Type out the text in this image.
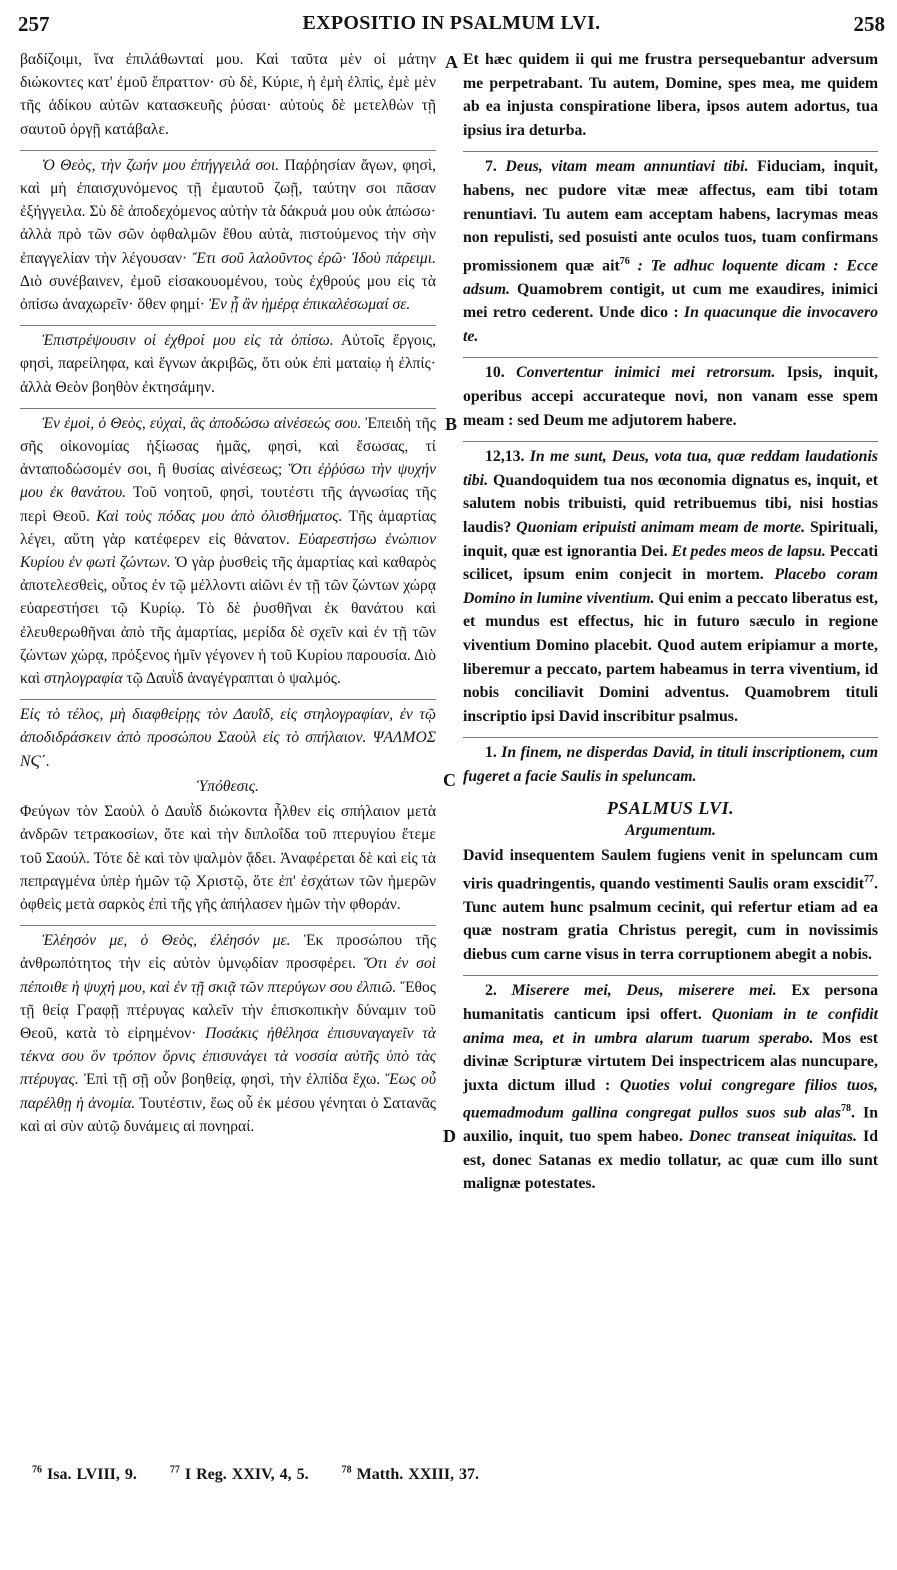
257	EXPOSITIO IN PSALMUM LVI.	258

βαδίζοιμι, ἵνα ἐπιλάθωνταί μου. Καὶ ταῦτα μὲν οἱ μάτην διώκοντες κατ' ἐμοῦ ἔπραττον· σὺ δὲ, Κύριε, ἡ ἐμὴ ἐλπὶς, ἐμὲ μὲν τῆς ἀδίκου αὐτῶν κατασκευῆς ῥύσαι· αὐτοὺς δὲ μετελθὼν τῇ σαυτοῦ ὀργῇ κατάβαλε.

Ὁ Θεὸς, τὴν ζωήν μου ἐπήγγειλά σοι. Παῤῥησίαν ἄγων, φησὶ, καὶ μὴ ἐπαισχυνόμενος τῇ ἐμαυτοῦ ζωῇ, ταύτην σοι πᾶσαν ἐξήγγειλα. Σὺ δὲ ἀποδεχόμενος αὐτὴν τὰ δάκρυά μου οὐκ ἀπώσω· ἀλλὰ πρὸ τῶν σῶν ὀφθαλμῶν ἔθου αὐτὰ, πιστούμενος τὴν σὴν ἐπαγγελίαν τὴν λέγουσαν· Ἔτι σοῦ λαλοῦντος ἐρῶ· Ἰδοὺ πάρειμι. Διὸ συνέβαινεν, ἐμοῦ εἰσακουομένου, τοὺς ἐχθρούς μου εἰς τὰ ὀπίσω ἀναχωρεῖν· ὅθεν φημί· Ἐν ᾗ ἂν ἡμέρᾳ ἐπικαλέσωμαί σε.

Ἐπιστρέψουσιν οἱ ἐχθροί μου εἰς τὰ ὀπίσω. Αὐτοῖς ἔργοις, φησὶ, παρείληφα, καὶ ἔγνων ἀκριβῶς, ὅτι οὐκ ἐπὶ ματαίῳ ἡ ἐλπίς· ἀλλὰ Θεὸν βοηθὸν ἐκτησάμην.

Ἐν ἐμοὶ, ὁ Θεὸς, εὐχαὶ, ἃς ἀποδώσω αἰνέσεώς σου. Ἐπειδὴ τῆς σῆς οἰκονομίας ἠξίωσας ἡμᾶς, φησὶ, καὶ ἔσωσας, τί ἀνταποδώσομέν σοι, ἢ θυσίας αἰνέσεως; Ὅτι ἐῤῥύσω τὴν ψυχήν μου ἐκ θανάτου. Τοῦ νοητοῦ, φησὶ, τουτέστι τῆς ἀγνωσίας τῆς περὶ Θεοῦ. Καὶ τοὺς πόδας μου ἀπὸ ὀλισθήματος. Τῆς ἁμαρτίας λέγει, αὕτη γὰρ κατέφερεν εἰς θάνατον. Εὐαρεστήσω ἐνώπιον Κυρίου ἐν φωτὶ ζώντων. Ὁ γὰρ ῥυσθεὶς τῆς ἁμαρτίας καὶ καθαρὸς ἀποτελεσθεὶς, οὗτος ἐν τῷ μέλλοντι αἰῶνι ἐν τῇ τῶν ζώντων χώρᾳ εὐαρεστήσει τῷ Κυρίῳ. Τὸ δὲ ῥυσθῆναι ἐκ θανάτου καὶ ἐλευθερωθῆναι ἀπὸ τῆς ἁμαρτίας, μερίδα δὲ σχεῖν καὶ ἐν τῇ τῶν ζώντων χώρᾳ, πρόξενος ἡμῖν γέγονεν ἡ τοῦ Κυρίου παρουσία. Διὸ καὶ στηλογραφία τῷ Δαυῒδ ἀναγέγραπται ὁ ψαλμός.

Εἰς τὸ τέλος, μὴ διαφθείρῃς τὸν Δαυῒδ, εἰς στηλογραφίαν, ἐν τῷ ἀποδιδράσκειν ἀπὸ προσώπου Σαοὺλ εἰς τὸ σπήλαιον. ΨΑΛΜΟΣ ΝϚ΄.

Ὑπόθεσις.

Φεύγων τὸν Σαοὺλ ὁ Δαυῒδ διώκοντα ἦλθεν εἰς σπήλαιον μετὰ ἀνδρῶν τετρακοσίων, ὅτε καὶ τὴν διπλοΐδα τοῦ πτερυγίου ἔτεμε τοῦ Σαούλ. Τότε δὲ καὶ τὸν ψαλμὸν ᾄδει. Ἀναφέρεται δὲ καὶ εἰς τὰ πεπραγμένα ὑπὲρ ἡμῶν τῷ Χριστῷ, ὅτε ἐπ' ἐσχάτων τῶν ἡμερῶν ὀφθεὶς μετὰ σαρκὸς ἐπὶ τῆς γῆς ἀπήλασεν ἡμῶν τὴν φθοράν.

Ἐλέησόν με, ὁ Θεὸς, ἐλέησόν με. Ἐκ προσώπου τῆς ἀνθρωπότητος τὴν εἰς αὐτὸν ὑμνῳδίαν προσφέρει. Ὅτι ἐν σοὶ πέποιθε ἡ ψυχή μου, καὶ ἐν τῇ σκιᾷ τῶν πτερύγων σου ἐλπιῶ. Ἔθος τῇ θείᾳ Γραφῇ πτέρυγας καλεῖν τὴν ἐπισκοπικὴν δύναμιν τοῦ Θεοῦ, κατὰ τὸ εἰρημένον· Ποσάκις ἠθέλησα ἐπισυναγαγεῖν τὰ τέκνα σου ὃν τρόπον ὄρνις ἐπισυνάγει τὰ νοσσία αὐτῆς ὑπὸ τὰς πτέρυγας. Ἐπὶ τῇ σῇ οὖν βοηθείᾳ, φησὶ, τὴν ἐλπίδα ἔχω. Ἕως οὗ παρέλθῃ ἡ ἀνομία. Τουτέστιν, ἕως οὗ ἐκ μέσου γένηται ὁ Σατανᾶς καὶ αἱ σὺν αὐτῷ δυνάμεις αἱ πονηραί.

A
B
C
D

Et hæc quidem ii qui me frustra persequebantur adversum me perpetrabant. Tu autem, Domine, spes mea, me quidem ab ea injusta conspiratione libera, ipsos autem adortus, tua ipsius ira deturba.

7. Deus, vitam meam annuntiavi tibi. Fiduciam, inquit, habens, nec pudore vitæ meæ affectus, eam tibi totam renuntiavi. Tu autem eam acceptam habens, lacrymas meas non repulisti, sed posuisti ante oculos tuos, tuam confirmans promissionem quæ ait$^{76}$ : Te adhuc loquente dicam : Ecce adsum. Quamobrem contigit, ut cum me exaudires, inimici mei retro cederent. Unde dico : In quacunque die invocavero te.

10. Convertentur inimici mei retrorsum. Ipsis, inquit, operibus accepi accurateque novi, non vanam esse spem meam : sed Deum me adjutorem habere.

12,13. In me sunt, Deus, vota tua, quæ reddam laudationis tibi. Quandoquidem tua nos œconomia dignatus es, inquit, et salutem nobis tribuisti, quid retribuemus tibi, nisi hostias laudis? Quoniam eripuisti animam meam de morte. Spirituali, inquit, quæ est ignorantia Dei. Et pedes meos de lapsu. Peccati scilicet, ipsum enim conjecit in mortem. Placebo coram Domino in lumine viventium. Qui enim a peccato liberatus est, et mundus est effectus, hic in futuro sæculo in regione viventium Domino placebit. Quod autem eripiamur a morte, liberemur a peccato, partem habeamus in terra viventium, id nobis conciliavit Domini adventus. Quamobrem tituli inscriptio ipsi David inscribitur psalmus.

1. In finem, ne disperdas David, in tituli inscriptionem, cum fugeret a facie Saulis in speluncam.

PSALMUS LVI.
Argumentum.

David insequentem Saulem fugiens venit in speluncam cum viris quadringentis, quando vestimenti Saulis oram exscidit$^{77}$. Tunc autem hunc psalmum cecinit, qui refertur etiam ad ea quæ nostram gratia Christus peregit, cum in novissimis diebus cum carne visus in terra corruptionem abegit a nobis.

2. Miserere mei, Deus, miserere mei. Ex persona humanitatis canticum ipsi offert. Quoniam in te confidit anima mea, et in umbra alarum tuarum sperabo. Mos est divinæ Scripturæ virtutem Dei inspectricem alas nuncupare, juxta dictum illud : Quoties volui congregare filios tuos, quemadmodum gallina congregat pullos suos sub alas$^{78}$. In auxilio, inquit, tuo spem habeo. Donec transeat iniquitas. Id est, donec Satanas ex medio tollatur, ac quæ cum illo sunt malignæ potestates.

$^{76}$ Isa. LVIII, 9.	$^{77}$ I Reg. XXIV, 4, 5.	$^{78}$ Matth. XXIII, 37.
